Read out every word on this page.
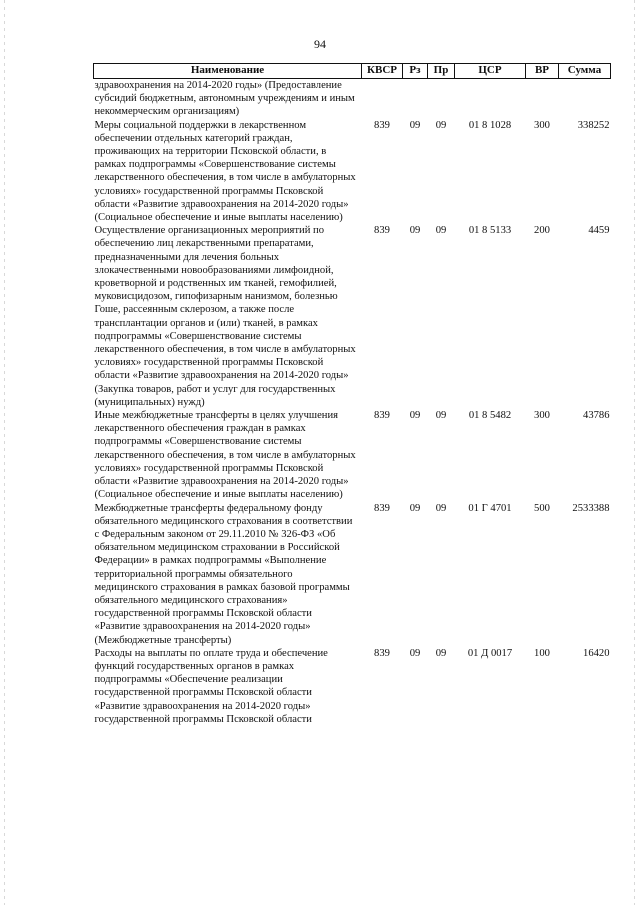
94
Наименование	КВСР	Рз	Пр	ЦСР	ВР	Сумма
здравоохранения на 2014-2020 годы» (Предоставление субсидий бюджетным, автономным учреждениям и иным некоммерческим организациям)						
Меры социальной поддержки в лекарственном обеспечении отдельных категорий граждан, проживающих на территории Псковской области, в рамках подпрограммы «Совершенствование системы лекарственного обеспечения, в том числе в амбулаторных условиях» государственной программы Псковской области «Развитие здравоохранения на 2014-2020 годы» (Социальное обеспечение и иные выплаты населению)	839	09	09	01 8 1028	300	338252
Осуществление организационных мероприятий по обеспечению лиц лекарственными препаратами, предназначенными для лечения больных злокачественными новообразованиями лимфоидной, кроветворной и родственных им тканей, гемофилией, муковисцидозом, гипофизарным нанизмом, болезнью Гоше, рассеянным склерозом, а также после трансплантации органов и (или) тканей, в рамках подпрограммы «Совершенствование системы лекарственного обеспечения, в том числе в амбулаторных условиях» государственной программы Псковской области «Развитие здравоохранения на 2014-2020 годы» (Закупка товаров, работ и услуг для государственных (муниципальных) нужд)	839	09	09	01 8 5133	200	4459
Иные межбюджетные трансферты в целях улучшения лекарственного обеспечения граждан в рамках подпрограммы «Совершенствование системы лекарственного обеспечения, в том числе в амбулаторных условиях» государственной программы Псковской области «Развитие здравоохранения на 2014-2020 годы» (Социальное обеспечение и иные выплаты населению)	839	09	09	01 8 5482	300	43786
Межбюджетные трансферты федеральному фонду обязательного медицинского страхования в соответствии с Федеральным законом от 29.11.2010 № 326-ФЗ «Об обязательном медицинском страховании в Российской Федерации» в рамках подпрограммы «Выполнение территориальной программы обязательного медицинского страхования в рамках базовой программы обязательного медицинского страхования» государственной программы Псковской области «Развитие здравоохранения на 2014-2020 годы» (Межбюджетные трансферты)	839	09	09	01 Г 4701	500	2533388
Расходы на выплаты по оплате труда и обеспечение функций государственных органов в рамках подпрограммы «Обеспечение реализации государственной программы Псковской области «Развитие здравоохранения на 2014-2020 годы» государственной программы Псковской области	839	09	09	01 Д 0017	100	16420
